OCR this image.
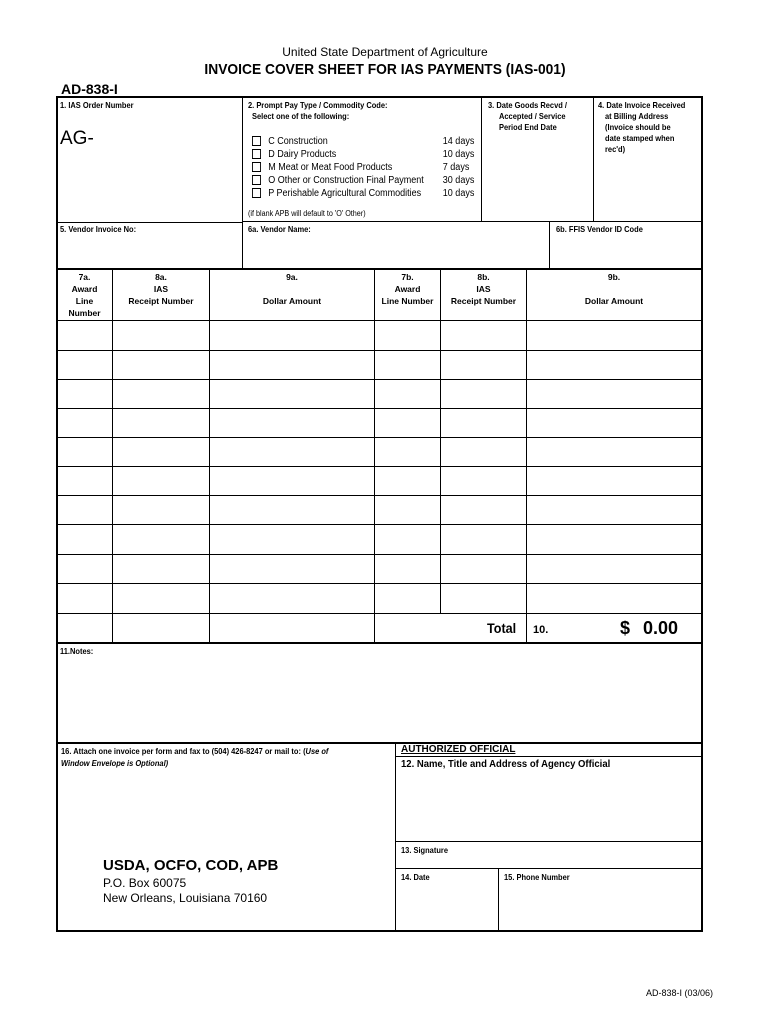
United State Department of Agriculture
INVOICE COVER SHEET FOR IAS PAYMENTS (IAS-001)
AD-838-I
1. IAS Order Number
AG-
2. Prompt Pay Type / Commodity Code:
Select one of the following:
C Construction	14 days
D Dairy Products	10 days
M Meat or Meat Food Products	7 days
O Other or Construction Final Payment 30 days
P Perishable Agricultural Commodities 10 days
(if blank APB will default to 'O' Other)
3. Date Goods Recvd /
Accepted / Service
Period End Date
4. Date Invoice Received
at Billing Address
(Invoice should be
date stamped when
rec'd)
5. Vendor Invoice No:	6a. Vendor Name:	6b. FFIS Vendor ID Code
7a.
Award
Line
Number
8a.
IAS
Receipt Number
9a.
Dollar Amount
7b.
Award
Line Number
8b.
IAS
Receipt Number
9b.
Dollar Amount
Total 10.	$ 0.00
11.Notes:
16. Attach one invoice per form and fax to (504) 426-8247 or mail to: (Use of
Window Envelope is Optional)
USDA, OCFO, COD, APB
P.O. Box 60075
New Orleans, Louisiana 70160
AUTHORIZED OFFICIAL
12. Name, Title and Address of Agency Official
13. Signature
14. Date	15. Phone Number
AD-838-I (03/06)
